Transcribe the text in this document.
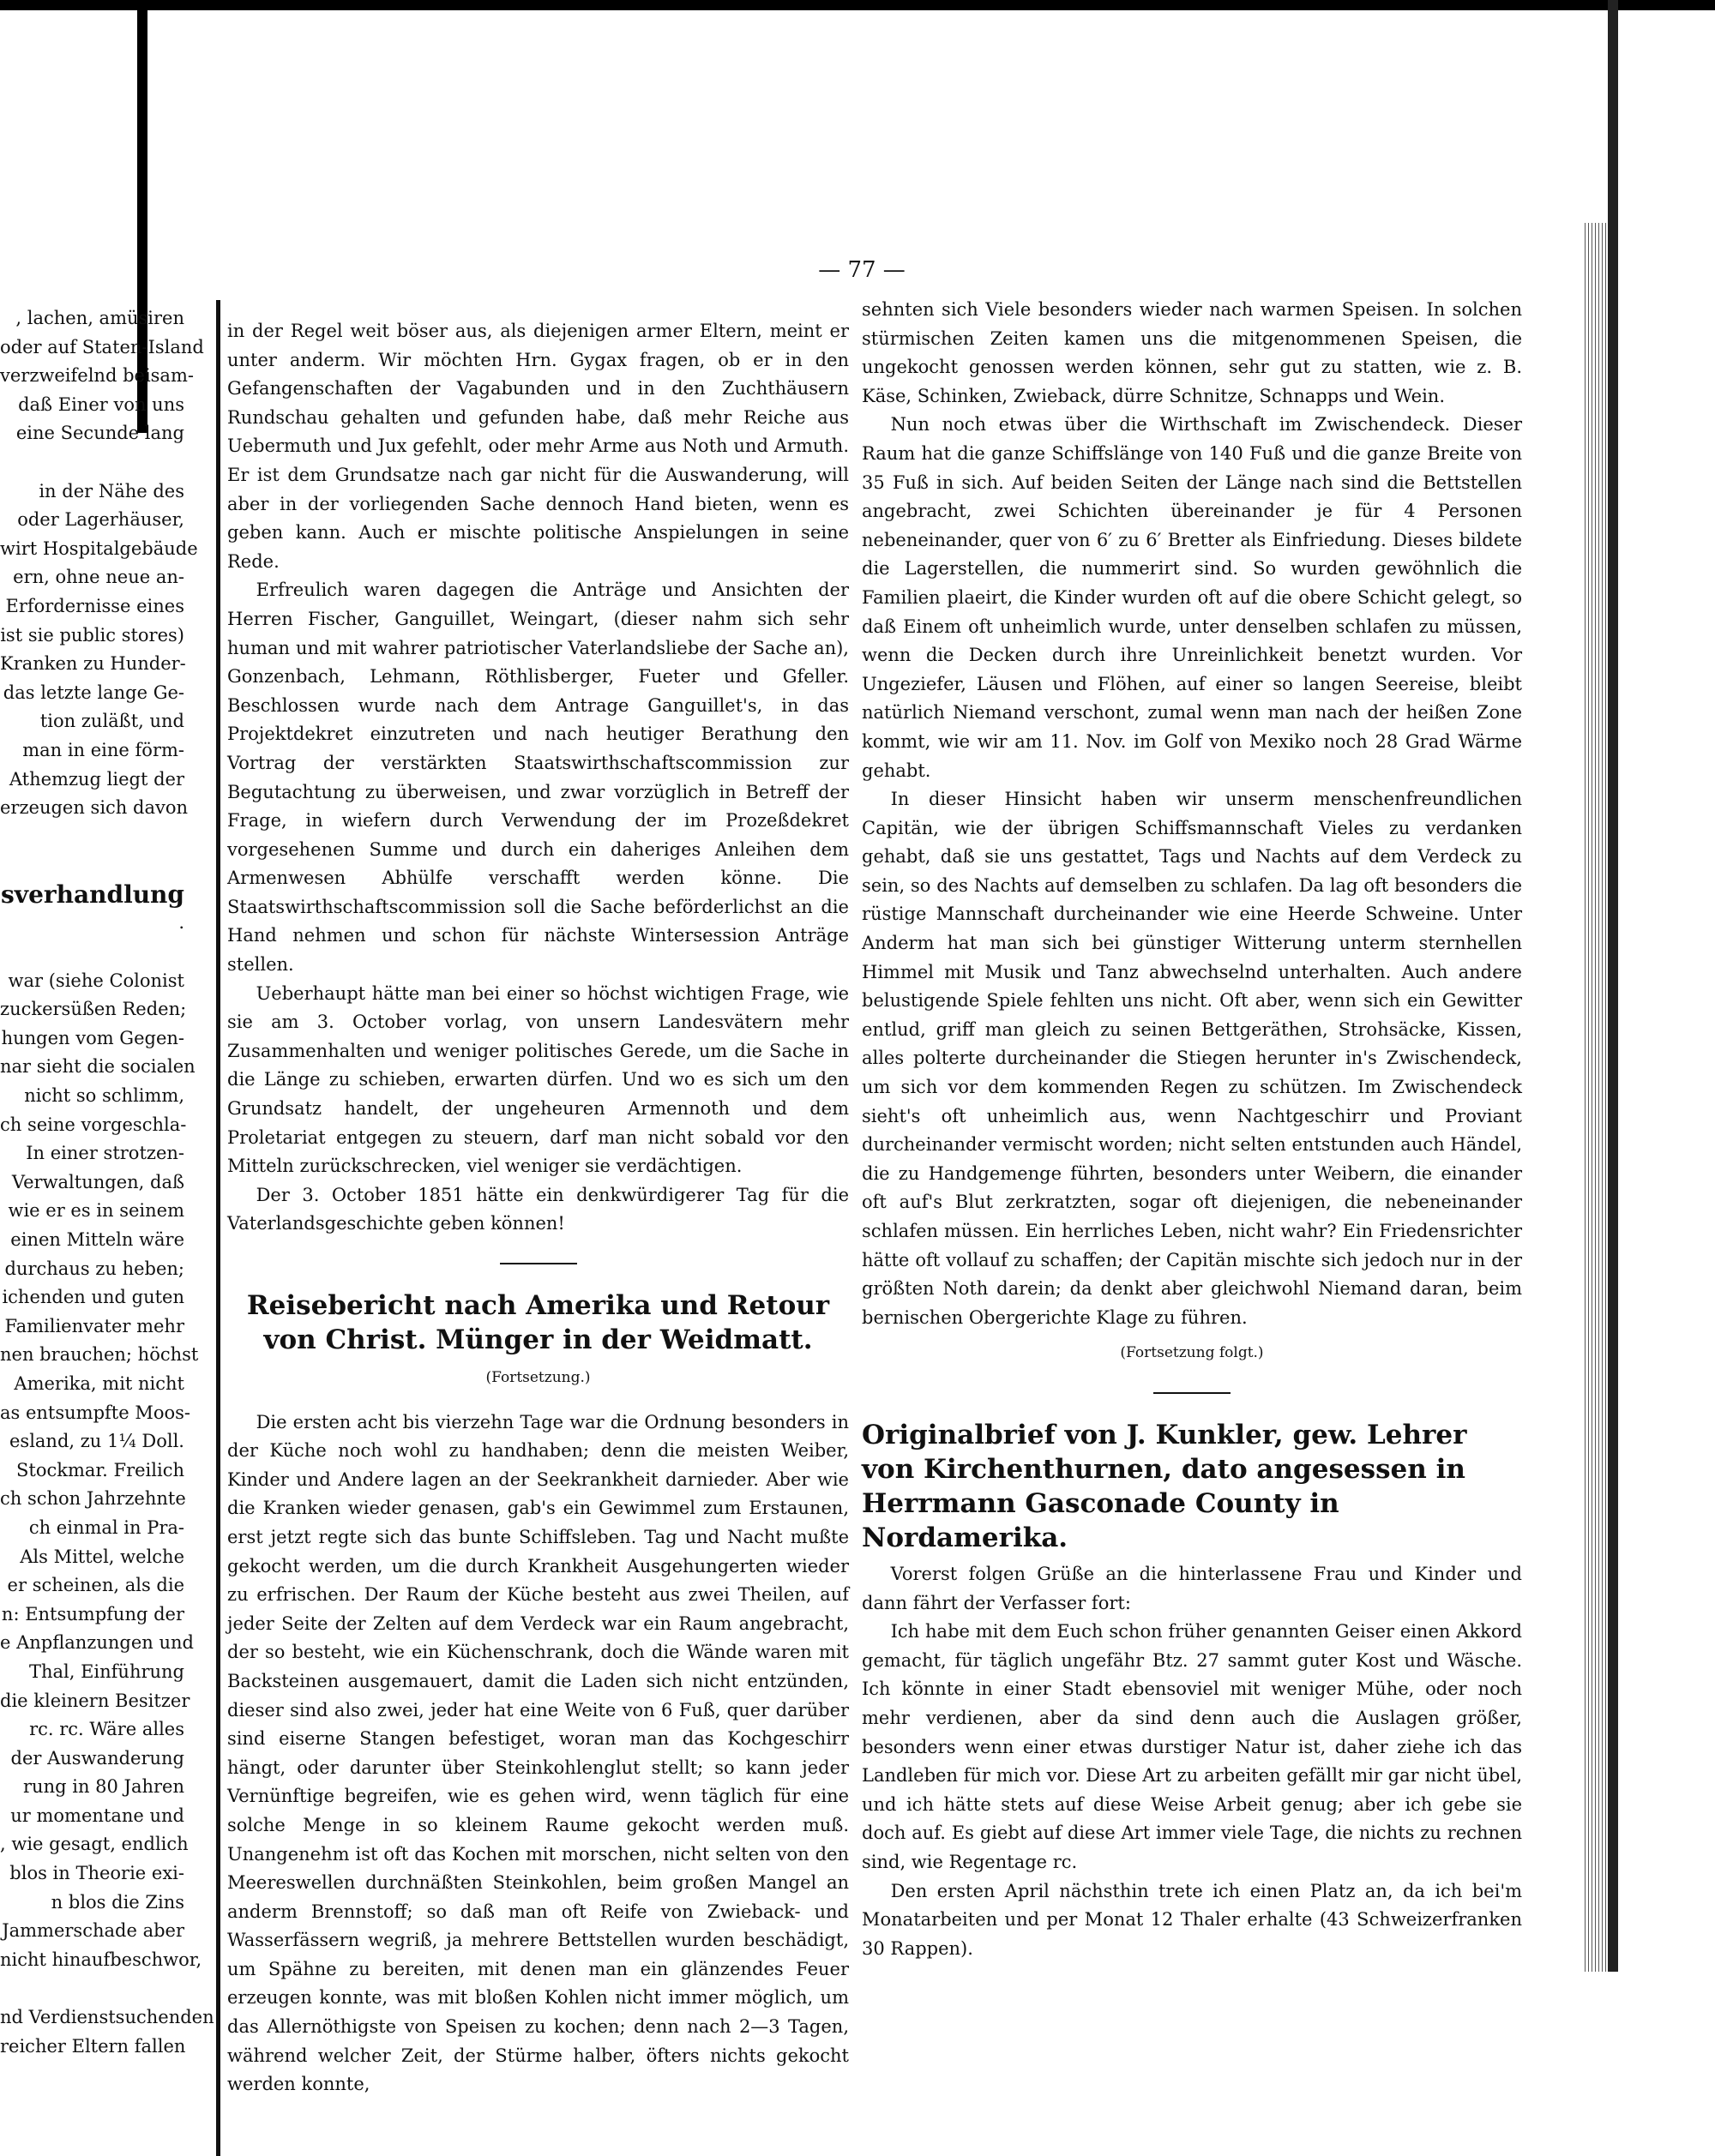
— 77 —
, lachen, amüsiren
oder auf Staten-Island
verzweifelnd beisam-
daß Einer von uns
eine Secunde lang

in der Nähe des
oder Lagerhäuser,
wirt Hospitalgebäude
ern, ohne neue an-
Erfordernisse eines
ist sie public stores)
Kranken zu Hunder-
das letzte lange Ge-
tion zuläßt, und
man in eine förm-
Athemzug liegt der
erzeugen sich davon

sverhandlung
.

war (siehe Colonist
zuckersüßen Reden;
hungen vom Gegen-
nar sieht die socialen
nicht so schlimm,
ch seine vorgeschla-
In einer strotzen-
Verwaltungen, daß
wie er es in seinem
einen Mitteln wäre
durchaus zu heben;
ichenden und guten
Familienvater mehr
nen brauchen; höchst
Amerika, mit nicht
as entsumpfte Moos-
esland, zu 1¼ Doll.
Stockmar. Freilich
ch schon Jahrzehnte
ch einmal in Pra-
Als Mittel, welche
er scheinen, als die
n: Entsumpfung der
e Anpflanzungen und
Thal, Einführung
die kleinern Besitzer
rc. rc. Wäre alles
der Auswanderung
rung in 80 Jahren
ur momentane und
, wie gesagt, endlich
blos in Theorie exi-
n blos die Zins
Jammerschade aber
nicht hinaufbeschwor,

nd Verdienstsuchenden
reicher Eltern fallen

in der Regel weit böser aus, als diejenigen armer Eltern, meint er unter anderm. Wir möchten Hrn. Gygax fragen, ob er in den Gefangenschaften der Vagabunden und in den Zuchthäusern Rundschau gehalten und gefunden habe, daß mehr Reiche aus Uebermuth und Jux gefehlt, oder mehr Arme aus Noth und Armuth. Er ist dem Grundsatze nach gar nicht für die Auswanderung, will aber in der vorliegenden Sache dennoch Hand bieten, wenn es geben kann. Auch er mischte politische Anspielungen in seine Rede.

Erfreulich waren dagegen die Anträge und Ansichten der Herren Fischer, Ganguillet, Weingart, (dieser nahm sich sehr human und mit wahrer patriotischer Vaterlandsliebe der Sache an), Gonzenbach, Lehmann, Röthlisberger, Fueter und Gfeller. Beschlossen wurde nach dem Antrage Ganguillet's, in das Projektdekret einzutreten und nach heutiger Berathung den Vortrag der verstärkten Staatswirthschaftscommission zur Begutachtung zu überweisen, und zwar vorzüglich in Betreff der Frage, in wiefern durch Verwendung der im Prozeßdekret vorgesehenen Summe und durch ein daheriges Anleihen dem Armenwesen Abhülfe verschafft werden könne. Die Staatswirthschaftscommission soll die Sache beförderlichst an die Hand nehmen und schon für nächste Wintersession Anträge stellen.

Ueberhaupt hätte man bei einer so höchst wichtigen Frage, wie sie am 3. October vorlag, von unsern Landesvätern mehr Zusammenhalten und weniger politisches Gerede, um die Sache in die Länge zu schieben, erwarten dürfen. Und wo es sich um den Grundsatz handelt, der ungeheuren Armennoth und dem Proletariat entgegen zu steuern, darf man nicht sobald vor den Mitteln zurückschrecken, viel weniger sie verdächtigen.

Der 3. October 1851 hätte ein denkwürdigerer Tag für die Vaterlandsgeschichte geben können!

Reisebericht nach Amerika und Retour von Christ. Münger in der Weidmatt.
(Fortsetzung.)

Die ersten acht bis vierzehn Tage war die Ordnung besonders in der Küche noch wohl zu handhaben; denn die meisten Weiber, Kinder und Andere lagen an der Seekrankheit darnieder. Aber wie die Kranken wieder genasen, gab's ein Gewimmel zum Erstaunen, erst jetzt regte sich das bunte Schiffsleben. Tag und Nacht mußte gekocht werden, um die durch Krankheit Ausgehungerten wieder zu erfrischen. Der Raum der Küche besteht aus zwei Theilen, auf jeder Seite der Zelten auf dem Verdeck war ein Raum angebracht, der so besteht, wie ein Küchenschrank, doch die Wände waren mit Backsteinen ausgemauert, damit die Laden sich nicht entzünden, dieser sind also zwei, jeder hat eine Weite von 6 Fuß, quer darüber sind eiserne Stangen befestiget, woran man das Kochgeschirr hängt, oder darunter über Steinkohlenglut stellt; so kann jeder Vernünftige begreifen, wie es gehen wird, wenn täglich für eine solche Menge in so kleinem Raume gekocht werden muß. Unangenehm ist oft das Kochen mit morschen, nicht selten von den Meereswellen durchnäßten Steinkohlen, beim großen Mangel an anderm Brennstoff; so daß man oft Reife von Zwieback- und Wasserfässern wegriß, ja mehrere Bettstellen wurden beschädigt, um Spähne zu bereiten, mit denen man ein glänzendes Feuer erzeugen konnte, was mit bloßen Kohlen nicht immer möglich, um das Allernöthigste von Speisen zu kochen; denn nach 2—3 Tagen, während welcher Zeit, der Stürme halber, öfters nichts gekocht werden konnte,

sehnten sich Viele besonders wieder nach warmen Speisen. In solchen stürmischen Zeiten kamen uns die mitgenommenen Speisen, die ungekocht genossen werden können, sehr gut zu statten, wie z. B. Käse, Schinken, Zwieback, dürre Schnitze, Schnapps und Wein.

Nun noch etwas über die Wirthschaft im Zwischendeck. Dieser Raum hat die ganze Schiffslänge von 140 Fuß und die ganze Breite von 35 Fuß in sich. Auf beiden Seiten der Länge nach sind die Bettstellen angebracht, zwei Schichten übereinander je für 4 Personen nebeneinander, quer von 6′ zu 6′ Bretter als Einfriedung. Dieses bildete die Lagerstellen, die nummerirt sind. So wurden gewöhnlich die Familien plaeirt, die Kinder wurden oft auf die obere Schicht gelegt, so daß Einem oft unheimlich wurde, unter denselben schlafen zu müssen, wenn die Decken durch ihre Unreinlichkeit benetzt wurden. Vor Ungeziefer, Läusen und Flöhen, auf einer so langen Seereise, bleibt natürlich Niemand verschont, zumal wenn man nach der heißen Zone kommt, wie wir am 11. Nov. im Golf von Mexiko noch 28 Grad Wärme gehabt.

In dieser Hinsicht haben wir unserm menschenfreundlichen Capitän, wie der übrigen Schiffsmannschaft Vieles zu verdanken gehabt, daß sie uns gestattet, Tags und Nachts auf dem Verdeck zu sein, so des Nachts auf demselben zu schlafen. Da lag oft besonders die rüstige Mannschaft durcheinander wie eine Heerde Schweine. Unter Anderm hat man sich bei günstiger Witterung unterm sternhellen Himmel mit Musik und Tanz abwechselnd unterhalten. Auch andere belustigende Spiele fehlten uns nicht. Oft aber, wenn sich ein Gewitter entlud, griff man gleich zu seinen Bettgeräthen, Strohsäcke, Kissen, alles polterte durcheinander die Stiegen herunter in's Zwischendeck, um sich vor dem kommenden Regen zu schützen. Im Zwischendeck sieht's oft unheimlich aus, wenn Nachtgeschirr und Proviant durcheinander vermischt worden; nicht selten entstunden auch Händel, die zu Handgemenge führten, besonders unter Weibern, die einander oft auf's Blut zerkratzten, sogar oft diejenigen, die nebeneinander schlafen müssen. Ein herrliches Leben, nicht wahr? Ein Friedensrichter hätte oft vollauf zu schaffen; der Capitän mischte sich jedoch nur in der größten Noth darein; da denkt aber gleichwohl Niemand daran, beim bernischen Obergerichte Klage zu führen.

(Fortsetzung folgt.)
Originalbrief von J. Kunkler, gew. Lehrer von Kirchenthurnen, dato angesessen in Herrmann Gasconade County in Nordamerika.

Vorerst folgen Grüße an die hinterlassene Frau und Kinder und dann fährt der Verfasser fort:

Ich habe mit dem Euch schon früher genannten Geiser einen Akkord gemacht, für täglich ungefähr Btz. 27 sammt guter Kost und Wäsche. Ich könnte in einer Stadt ebensoviel mit weniger Mühe, oder noch mehr verdienen, aber da sind denn auch die Auslagen größer, besonders wenn einer etwas durstiger Natur ist, daher ziehe ich das Landleben für mich vor. Diese Art zu arbeiten gefällt mir gar nicht übel, und ich hätte stets auf diese Weise Arbeit genug; aber ich gebe sie doch auf. Es giebt auf diese Art immer viele Tage, die nichts zu rechnen sind, wie Regentage rc.

Den ersten April nächsthin trete ich einen Platz an, da ich bei'm Monatarbeiten und per Monat 12 Thaler erhalte (43 Schweizerfranken 30 Rappen).
